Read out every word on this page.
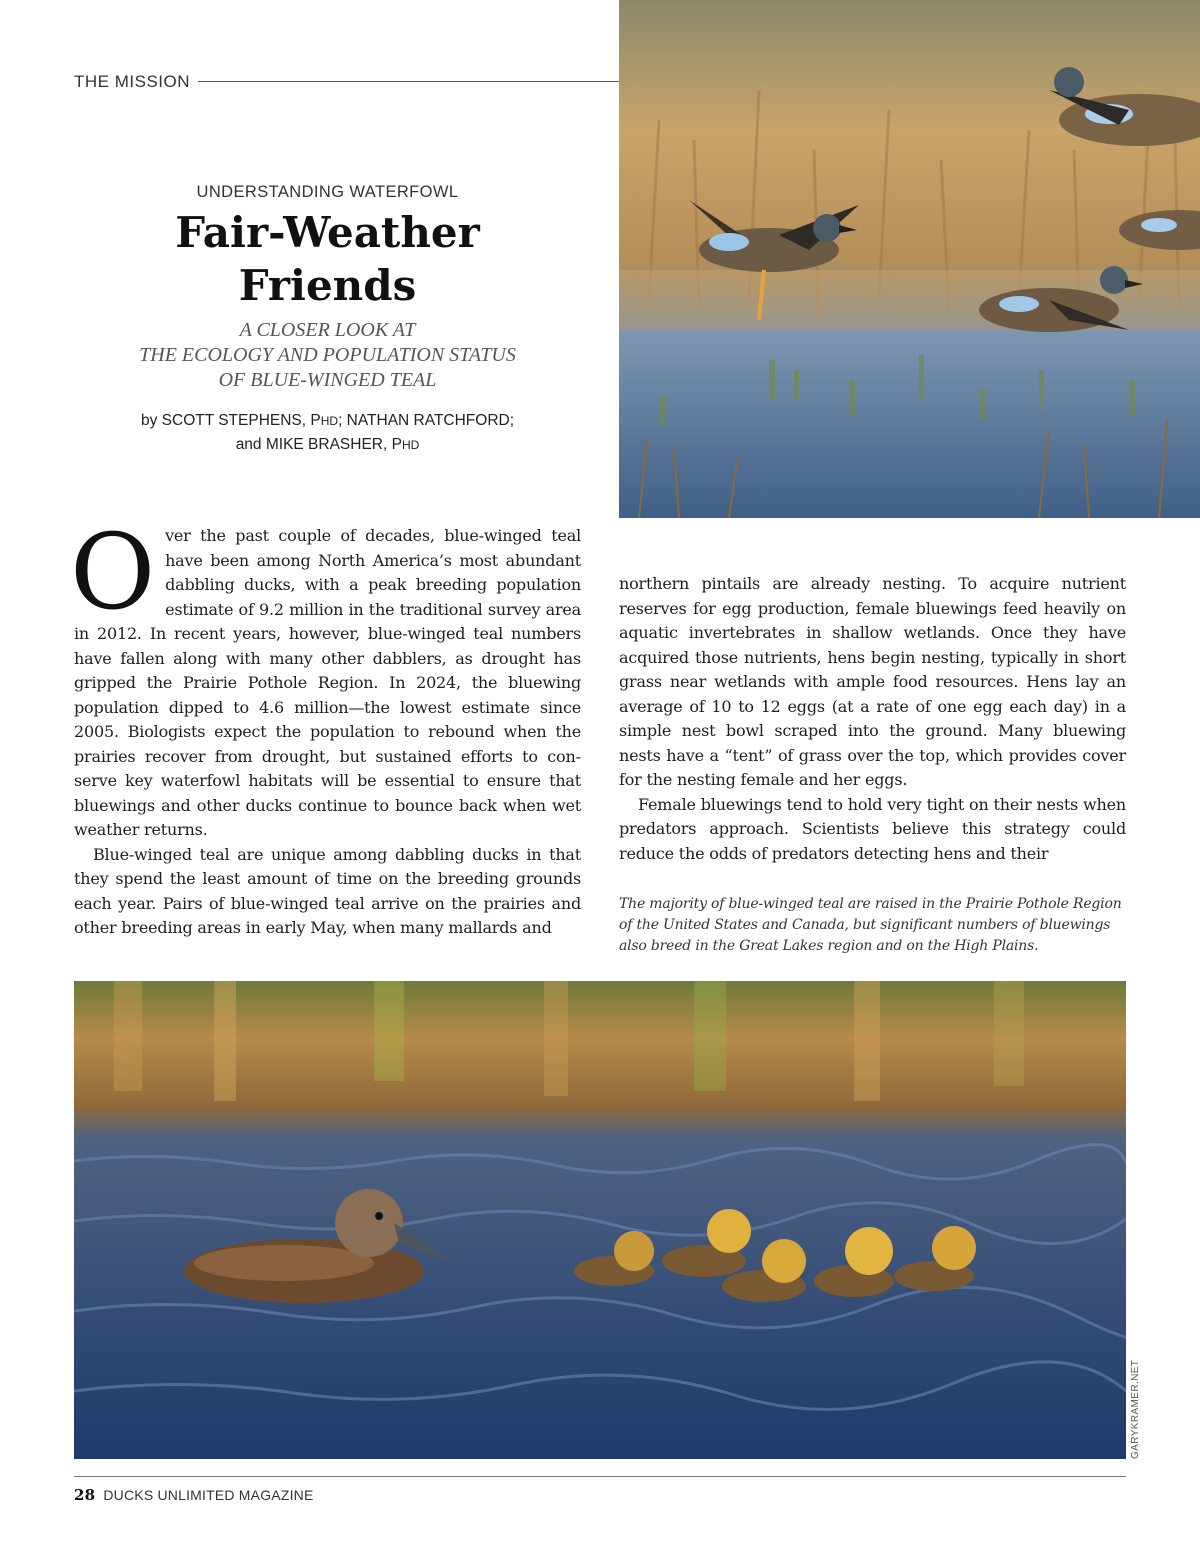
THE MISSION
UNDERSTANDING WATERFOWL
Fair-Weather
Friends
A CLOSER LOOK AT
THE ECOLOGY AND POPULATION STATUS
OF BLUE-WINGED TEAL
by SCOTT STEPHENS, PHD; NATHAN RATCHFORD;
and MIKE BRASHER, PHD

Over the past couple of decades, blue-winged teal have been among North America’s most abundant dabbling ducks, with a peak breeding population estimate of 9.2 million in the traditional survey area in 2012. In recent years, however, blue-winged teal numbers have fallen along with many other dabblers, as drought has gripped the Prairie Pothole Region. In 2024, the bluewing population dipped to 4.6 million—the lowest estimate since 2005. Biologists expect the population to rebound when the prairies recover from drought, but sustained efforts to conserve key waterfowl habitats will be essential to ensure that bluewings and other ducks continue to bounce back when wet weather returns.

Blue-winged teal are unique among dabbling ducks in that they spend the least amount of time on the breeding grounds each year. Pairs of blue-winged teal arrive on the prairies and other breeding areas in early May, when many mallards and

northern pintails are already nesting. To acquire nutrient reserves for egg production, female bluewings feed heavily on aquatic invertebrates in shallow wetlands. Once they have acquired those nutrients, hens begin nesting, typically in short grass near wetlands with ample food resources. Hens lay an average of 10 to 12 eggs (at a rate of one egg each day) in a simple nest bowl scraped into the ground. Many bluewing nests have a “tent” of grass over the top, which provides cover for the nesting female and her eggs.

Female bluewings tend to hold very tight on their nests when predators approach. Scientists believe this strategy could reduce the odds of predators detecting hens and their

The majority of blue-winged teal are raised in the Prairie Pothole Region of the United States and Canada, but significant numbers of bluewings also breed in the Great Lakes region and on the High Plains.
GARYKRAMER.NET
28 DUCKS UNLIMITED MAGAZINE
